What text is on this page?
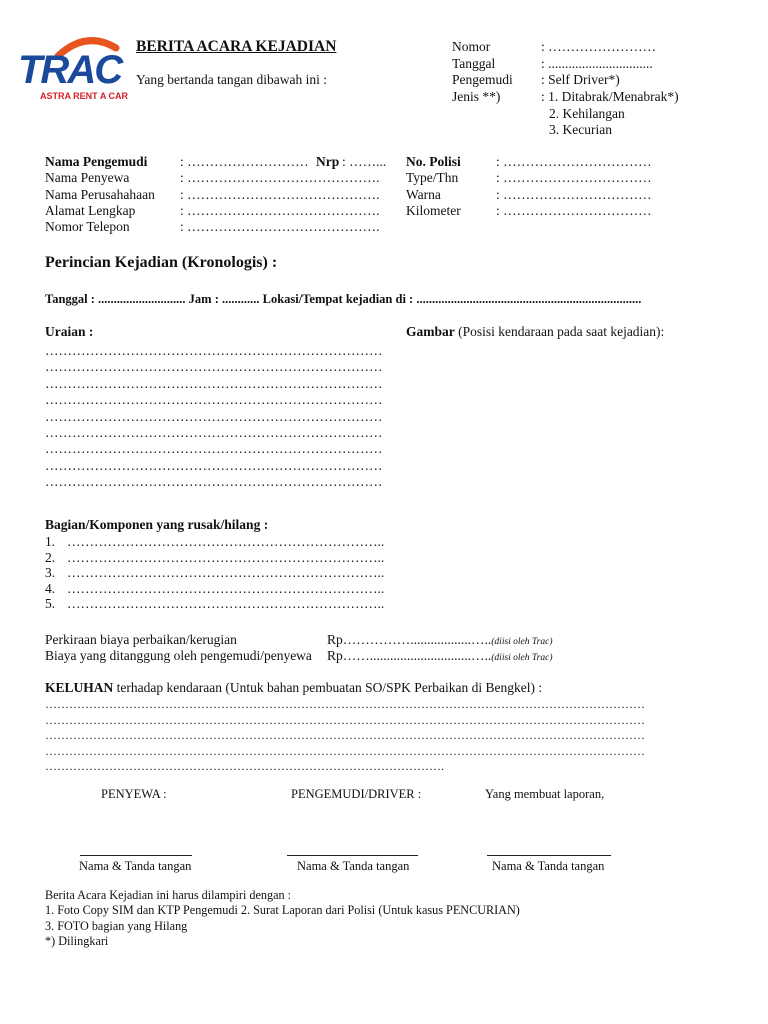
TRAC
ASTRA RENT A CAR
BERITA ACARA KEJADIAN
Yang bertanda tangan dibawah ini :
Nomor	: ……………………
Tanggal	: ...............................
Pengemudi : Self Driver*)
Jenis **)	: 1. Ditabrak/Menabrak*)
2. Kehilangan
3. Kecurian
Nama Pengemudi : ……………………… Nrp : ……...
Nama Penyewa	: …………………………………….
Nama Perusahahaan : …………………………………….
Alamat Lengkap	: …………………………………….
Nomor Telepon	: …………………………………….
No. Polisi	: ……………………………
Type/Thn	: ……………………………
Warna	: ……………………………
Kilometer	: ……………………………
Perincian Kejadian (Kronologis) :
Tanggal : ............................ Jam : ............ Lokasi/Tempat kejadian di : ........................................................................
Uraian :	Gambar (Posisi kendaraan pada saat kejadian):
…………………………………………………………………
…………………………………………………………………
…………………………………………………………………
…………………………………………………………………
…………………………………………………………………
…………………………………………………………………
…………………………………………………………………
…………………………………………………………………
…………………………………………………………………
Bagian/Komponen yang rusak/hilang :
1. ……………………………………………………………..
2. ……………………………………………………………..
3. ……………………………………………………………..
4. ……………………………………………………………..
5. ……………………………………………………………..
Perkiraan biaya perbaikan/kerugian	Rp……………..................…..(diisi oleh Trac)
Biaya yang ditanggung oleh pengemudi/penyewa Rp……..............................…..(diisi oleh Trac)
KELUHAN terhadap kendaraan (Untuk bahan pembuatan SO/SPK Perbaikan di Bengkel) :
……………………………………………………………………………………………………………………………………
……………………………………………………………………………………………………………………………………
……………………………………………………………………………………………………………………………………
……………………………………………………………………………………………………………………………………
……………………………………………………………………………………….
PENYEWA :	PENGEMUDI/DRIVER :	Yang membuat laporan,
Nama & Tanda tangan	Nama & Tanda tangan	Nama & Tanda tangan
Berita Acara Kejadian ini harus dilampiri dengan :
1. Foto Copy SIM dan KTP Pengemudi 2. Surat Laporan dari Polisi (Untuk kasus PENCURIAN)
3. FOTO bagian yang Hilang
*) Dilingkari
